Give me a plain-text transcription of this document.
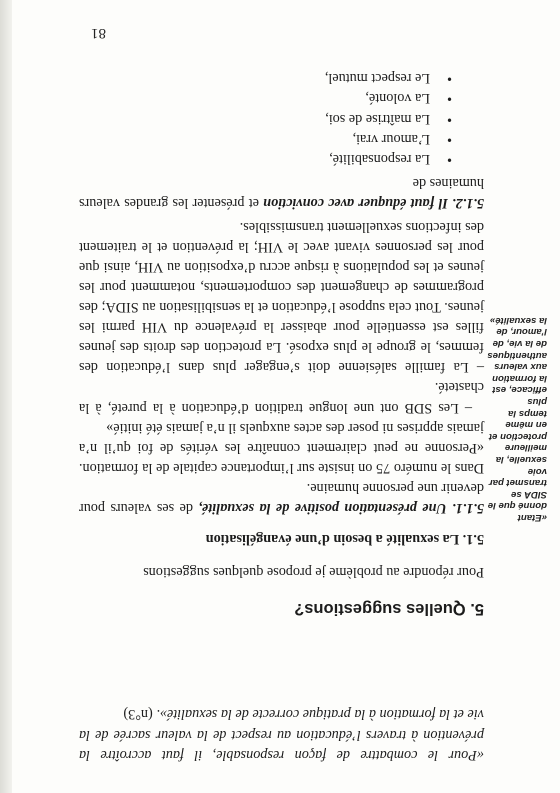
«Pour le combattre de façon responsable, il faut accroître la prévention à travers l’éducation au respect de la valeur sacrée de la vie et la formation à la pratique correcte de la sexualité». (n°3)

5. Quelles suggestions?

Pour répondre au problème je propose quelques suggestions

5.1. La sexualité a besoin d’une évangélisation

5.1.1. Une présentation positive de la sexualité, de ses valeurs pour devenir une personne humaine.

Dans le numéro 75 on insiste sur l’importance capitale de la formation. «Personne ne peut clairement connaître les vérités de foi qu’il n’a jamais apprises ni poser des actes auxquels il n’a jamais été initié»

– Les SDB ont une longue tradition d’éducation à la pureté, à la chasteté.

– La famille salésienne doit s’engager plus dans l’éducation des femmes, le groupe le plus exposé. La protection des droits des jeunes filles est essentielle pour abaisser la prévalence du VIH parmi les jeunes. Tout cela suppose l’éducation et la sensibilisation au SIDA; des programmes de changement des comportements, notamment pour les jeunes et les populations à risque accru d’exposition au VIH, ainsi que pour les personnes vivant avec le VIH; la prévention et le traitement des infections sexuellement transmissibles.

5.1.2. Il faut éduquer avec conviction et présenter les grandes valeurs humaines de

•
La responsabilité,
•
L’amour vrai,
•
La maîtrise de soi,
•
La volonté,
•
Le respect mutuel,
«Etant donné que le SIDA se transmet par voie sexuelle, la meilleure protection et en même temps la plus efficace, est la formation aux valeurs authentiques de la vie, de l’amour, de la sexualité»
81
